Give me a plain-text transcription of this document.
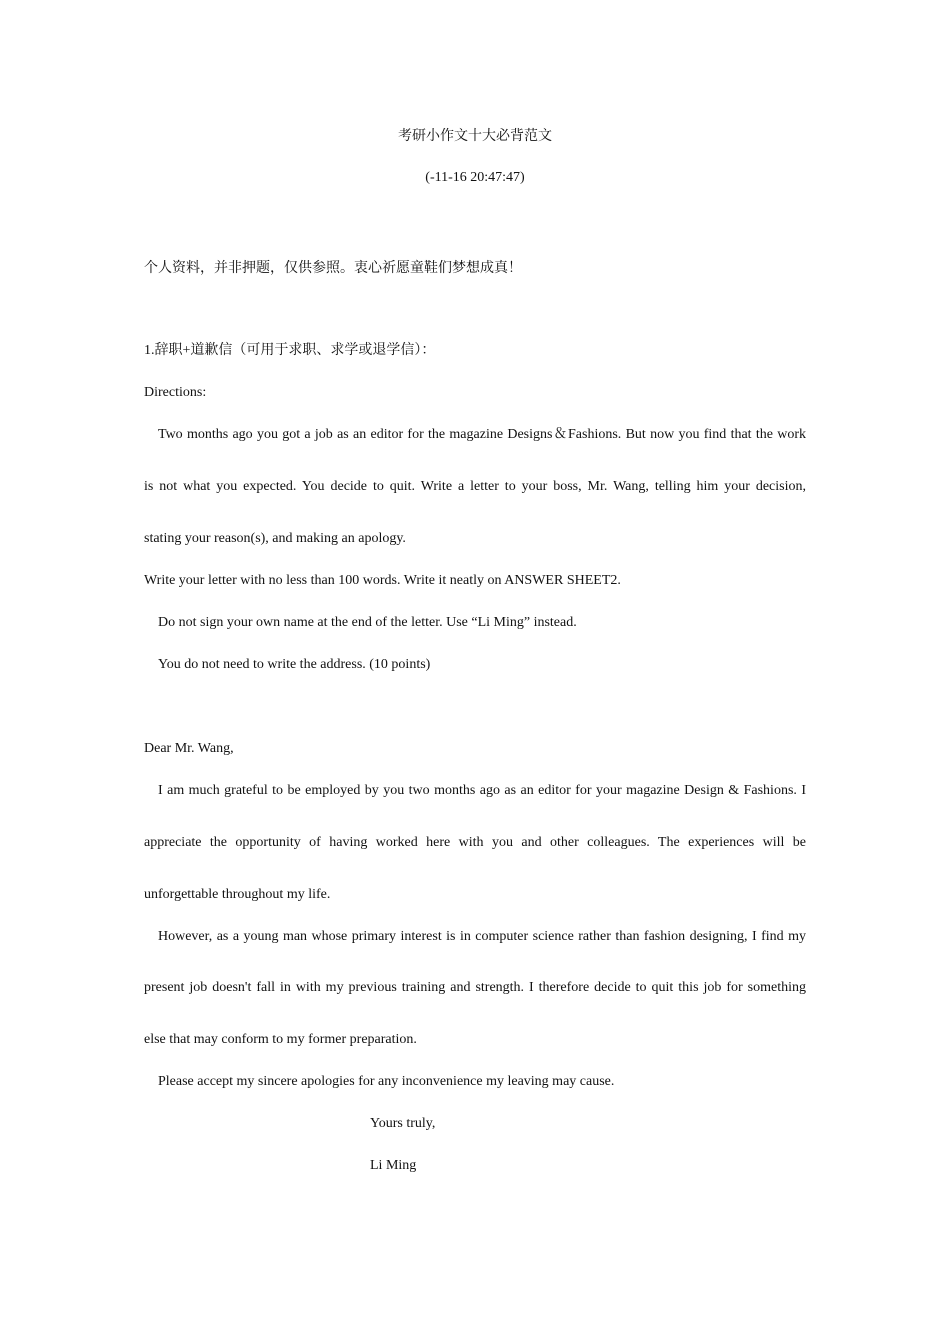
考研小作文十大必背范文
(-11-16 20:47:47)
个人资料，并非押题，仅供参照。衷心祈愿童鞋们梦想成真！
1.辞职+道歉信（可用于求职、求学或退学信）：
Directions:
Two months ago you got a job as an editor for the magazine Designs＆Fashions. But now you find that the work
is not what you expected. You decide to quit. Write a letter to your boss, Mr. Wang, telling him your decision,
stating your reason(s), and making an apology.
Write your letter with no less than 100 words. Write it neatly on ANSWER SHEET2.
Do not sign your own name at the end of the letter. Use “Li Ming” instead.
You do not need to write the address. (10 points)
Dear Mr. Wang,
I am much grateful to be employed by you two months ago as an editor for your magazine Design & Fashions. I
appreciate the opportunity of having worked here with you and other colleagues. The experiences will be
unforgettable throughout my life.
However, as a young man whose primary interest is in computer science rather than fashion designing, I find my
present job doesn't fall in with my previous training and strength. I therefore decide to quit this job for something
else that may conform to my former preparation.
Please accept my sincere apologies for any inconvenience my leaving may cause.
Yours truly,
Li Ming
